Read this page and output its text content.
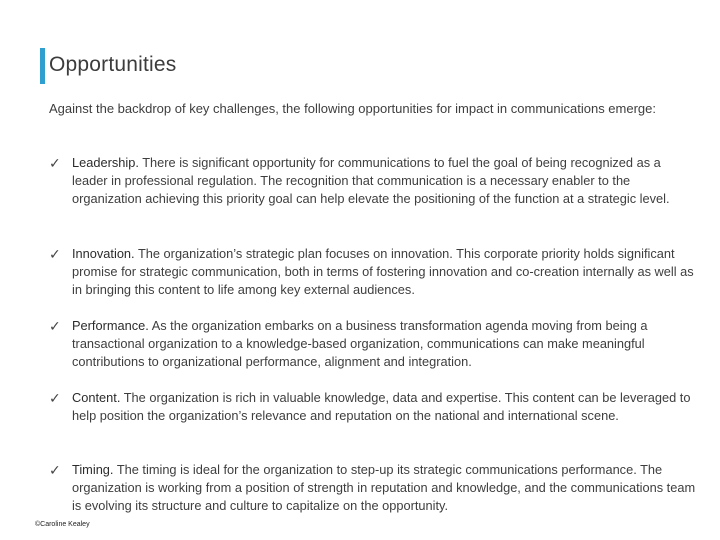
Opportunities
Against the backdrop of key challenges, the following opportunities for impact in communications emerge:
✓ Leadership. There is significant opportunity for communications to fuel the goal of being recognized as a leader in professional regulation. The recognition that communication is a necessary enabler to the organization achieving this priority goal can help elevate the positioning of the function at a strategic level.
✓ Innovation. The organization’s strategic plan focuses on innovation. This corporate priority holds significant promise for strategic communication, both in terms of fostering innovation and co-creation internally as well as in bringing this content to life among key external audiences.
✓ Performance. As the organization embarks on a business transformation agenda moving from being a transactional organization to a knowledge-based organization, communications can make meaningful contributions to organizational performance, alignment and integration.
✓ Content. The organization is rich in valuable knowledge, data and expertise. This content can be leveraged to help position the organization’s relevance and reputation on the national and international scene.
✓ Timing. The timing is ideal for the organization to step-up its strategic communications performance. The organization is working from a position of strength in reputation and knowledge, and the communications team is evolving its structure and culture to capitalize on the opportunity.
©Caroline Kealey
